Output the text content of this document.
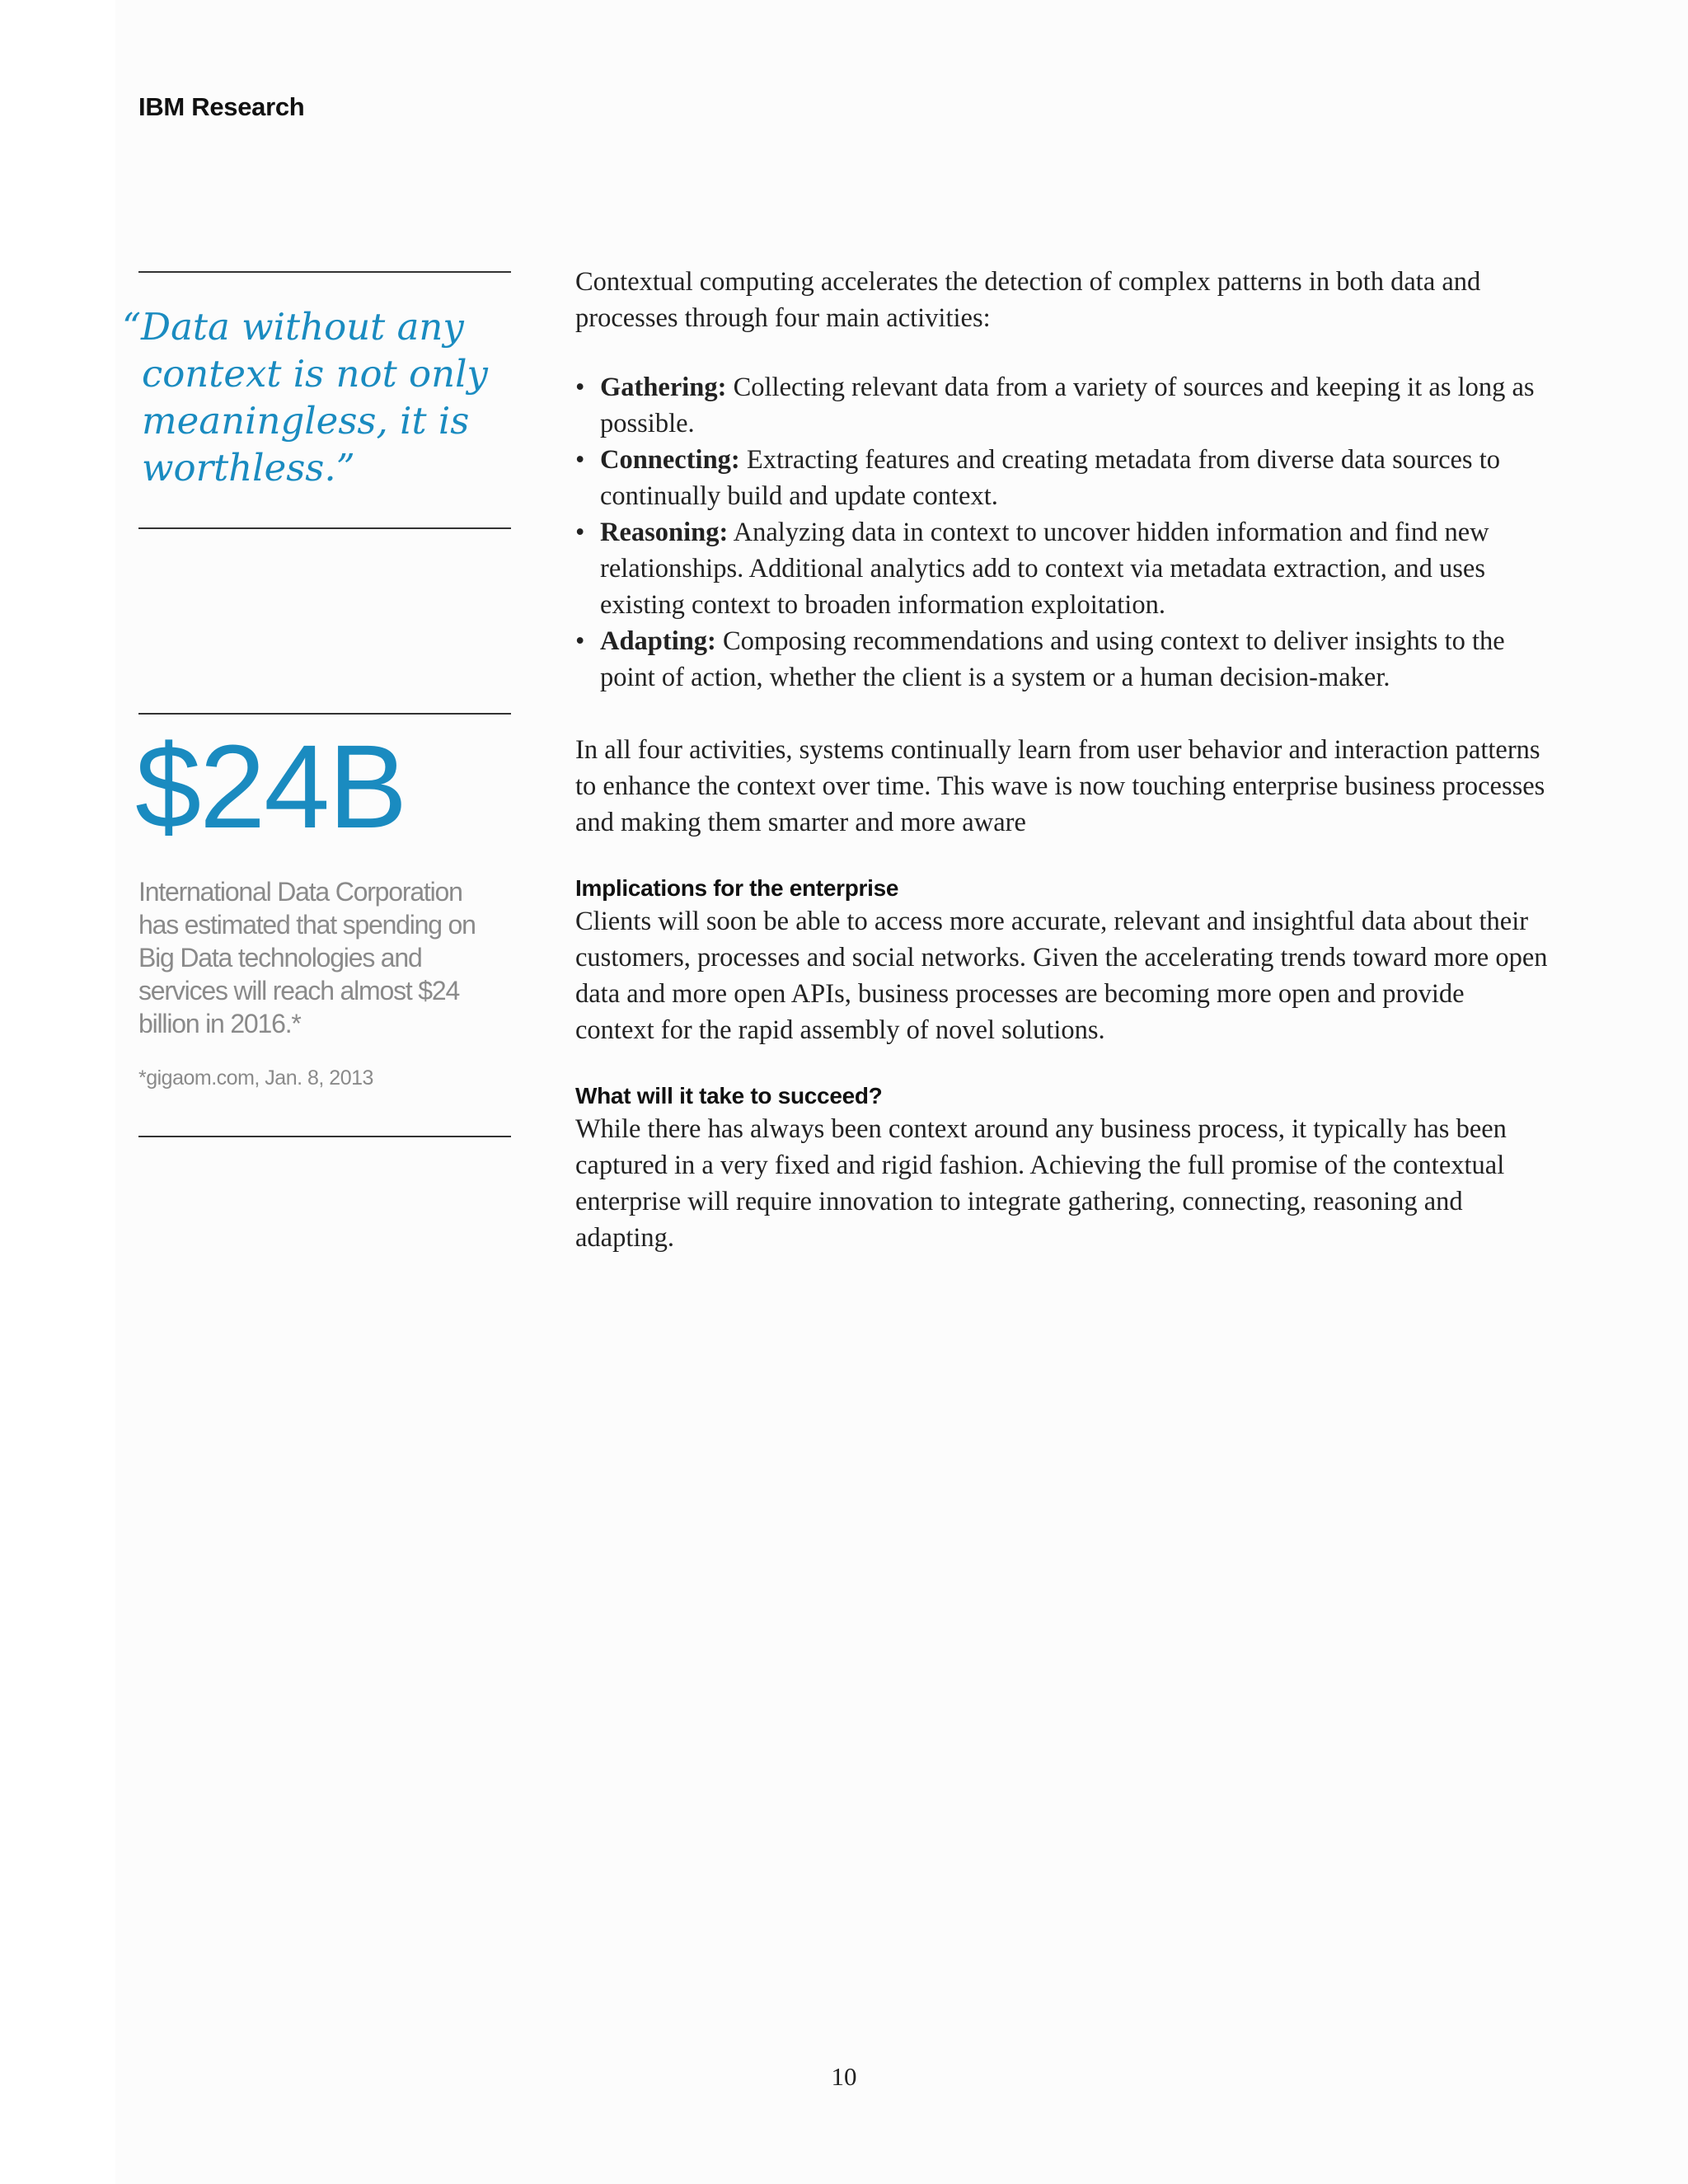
IBM Research
“Data without any
context is not only
meaningless, it is
worthless.”
$24B
International Data Corporation has estimated that spending on Big Data technologies and services will reach almost $24 billion in 2016.*
*gigaom.com, Jan. 8, 2013

Contextual computing accelerates the detection of complex patterns in both data and processes through four main activities:

• Gathering: Collecting relevant data from a variety of sources and keeping it as long as possible.
• Connecting: Extracting features and creating metadata from diverse data sources to continually build and update context.
• Reasoning: Analyzing data in context to uncover hidden information and find new relationships. Additional analytics add to context via metadata extraction, and uses existing context to broaden information exploitation.
• Adapting: Composing recommendations and using context to deliver insights to the point of action, whether the client is a system or a human decision-maker.

In all four activities, systems continually learn from user behavior and interaction patterns to enhance the context over time. This wave is now touching enterprise business processes and making them smarter and more aware

Implications for the enterprise

Clients will soon be able to access more accurate, relevant and insightful data about their customers, processes and social networks. Given the accelerating trends toward more open data and more open APIs, business processes are becoming more open and provide context for the rapid assembly of novel solutions.

What will it take to succeed?

While there has always been context around any business process, it typically has been captured in a very fixed and rigid fashion. Achieving the full promise of the contextual enterprise will require innovation to integrate gathering, connecting, reasoning and adapting.

10
